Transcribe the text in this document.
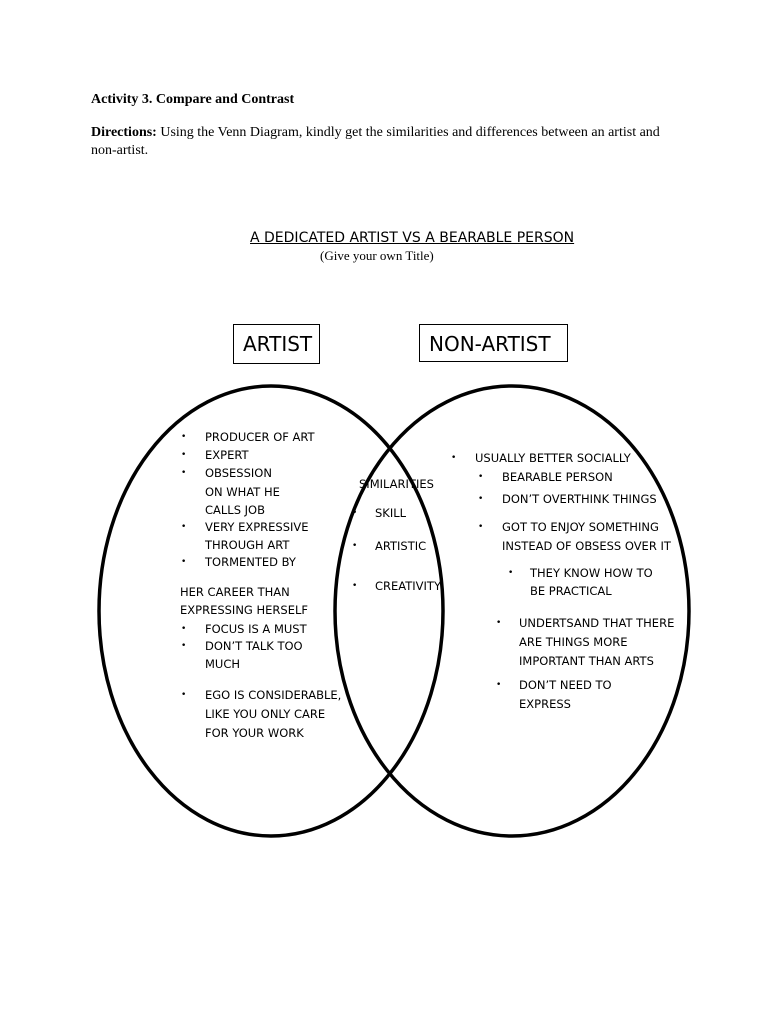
Activity 3. Compare and Contrast
Directions: Using the Venn Diagram, kindly get the similarities and differences between an artist and non-artist.
A DEDICATED ARTIST VS A BEARABLE PERSON
(Give your own Title)
ARTIST	NON-ARTIST
• PRODUCER OF ART
• EXPERT
• OBSESSION
ON WHAT HE
CALLS JOB
• VERY EXPRESSIVE
THROUGH ART
• TORMENTED BY
HER CAREER THAN
EXPRESSING HERSELF
• FOCUS IS A MUST
• DON’T TALK TOO
MUCH
• EGO IS CONSIDERABLE,
LIKE YOU ONLY CARE
FOR YOUR WORK
SIMILARITIES
• SKILL
• ARTISTIC
• CREATIVITY
• USUALLY BETTER SOCIALLY
• BEARABLE PERSON
• DON’T OVERTHINK THINGS
• GOT TO ENJOY SOMETHING
INSTEAD OF OBSESS OVER IT
• THEY KNOW HOW TO
BE PRACTICAL
• UNDERTSAND THAT THERE
ARE THINGS MORE
IMPORTANT THAN ARTS
• DON’T NEED TO
EXPRESS
